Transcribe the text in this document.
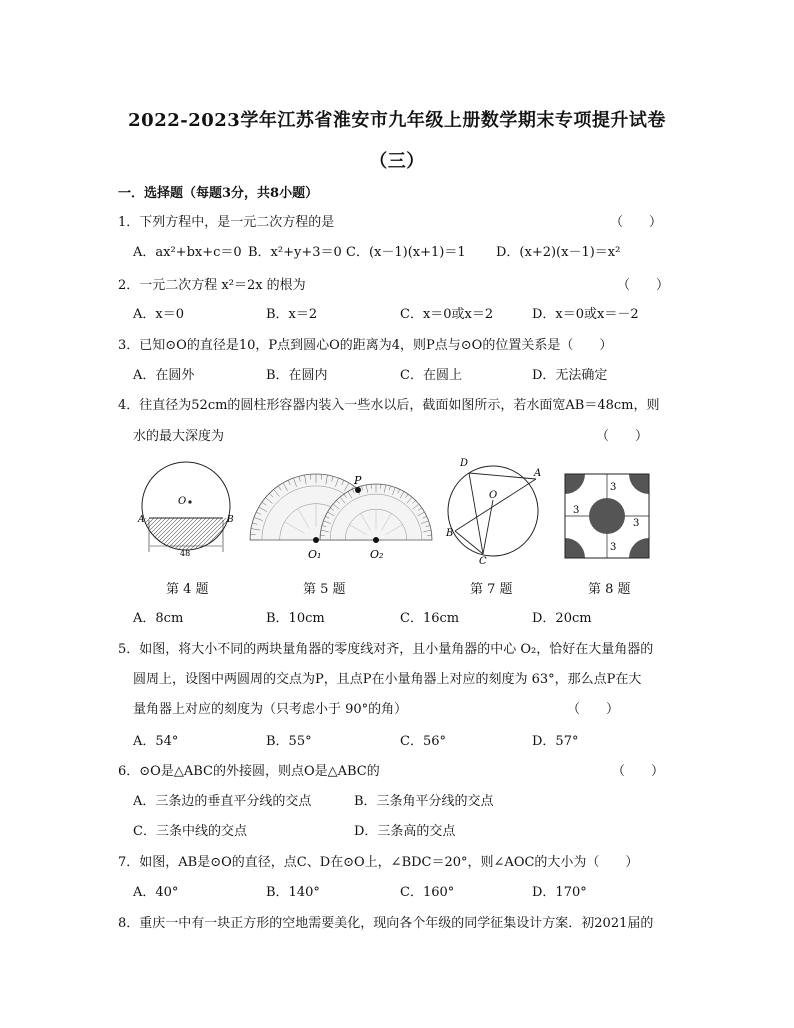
2022-2023学年江苏省淮安市九年级上册数学期末专项提升试卷
（三）
一．选择题（每题3分，共8小题）
1．下列方程中，是一元二次方程的是	（　　）
A．ax²+bx+c＝0 B．x²+y+3＝0 C．(x－1)(x+1)＝1 D．(x+2)(x－1)＝x²
2．一元二次方程 x²＝2x 的根为	（　　）
A．x＝0	B．x＝2	C．x＝0或x＝2	D．x＝0或x＝－2
3．已知⊙O的直径是10，P点到圆心O的距离为4，则P点与⊙O的位置关系是（　　）
A．在圆外	B．在圆内	C．在圆上	D．无法确定
4．往直径为52cm的圆柱形容器内装入一些水以后，截面如图所示，若水面宽AB＝48cm，则
水的最大深度为	（　　）
O
A	B
48
P
O₁	O₂
D
A
O
B
C
3
3
3
3
第 4 题	第 5 题	第 7 题	第 8 题
A．8cm	B．10cm	C．16cm	D．20cm
5．如图，将大小不同的两块量角器的零度线对齐，且小量角器的中心 O₂，恰好在大量角器的
圆周上，设图中两圆周的交点为P，且点P在小量角器上对应的刻度为 63°，那么点P在大
量角器上对应的刻度为（只考虑小于 90°的角）	（　　）
A．54°	B．55°	C．56°	D．57°
6．⊙O是△ABC的外接圆，则点O是△ABC的	（　　）
A．三条边的垂直平分线的交点	B．三条角平分线的交点
C．三条中线的交点	D．三条高的交点
7．如图，AB是⊙O的直径，点C、D在⊙O上，∠BDC＝20°，则∠AOC的大小为（　　）
A．40°	B．140°	C．160°	D．170°
8．重庆一中有一块正方形的空地需要美化，现向各个年级的同学征集设计方案．初2021届的
